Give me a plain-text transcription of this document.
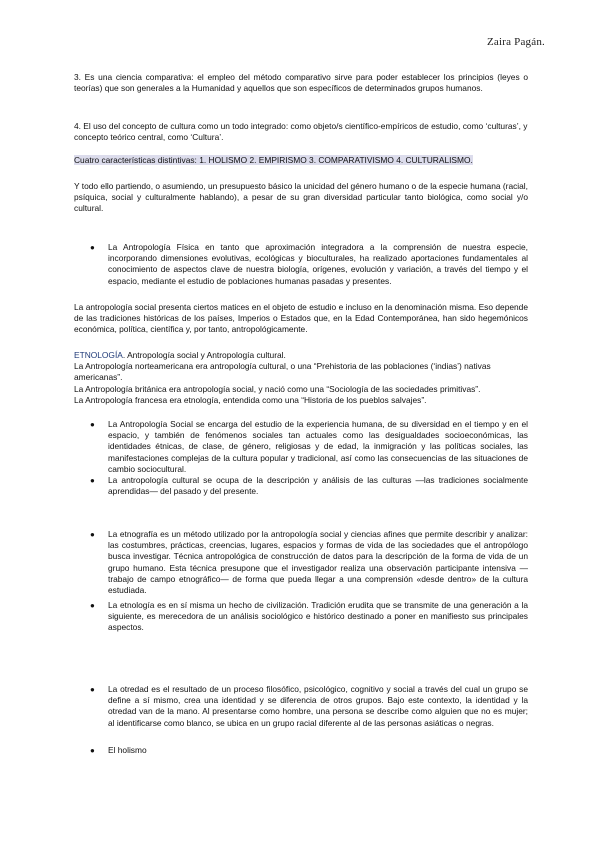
Zaira Pagán.
3. Es una ciencia comparativa: el empleo del método comparativo sirve para poder establecer los principios (leyes o teorías) que son generales a la Humanidad y aquellos que son específicos de determinados grupos humanos.
4. El uso del concepto de cultura como un todo integrado: como objeto/s científico-empíricos de estudio, como ‘culturas’, y concepto teórico central, como ‘Cultura’.
Cuatro características distintivas: 1. HOLISMO 2. EMPIRISMO 3. COMPARATIVISMO 4. CULTURALISMO.
Y todo ello partiendo, o asumiendo, un presupuesto básico la unicidad del género humano o de la especie humana (racial, psíquica, social y culturalmente hablando), a pesar de su gran diversidad particular tanto biológica, como social y/o cultural.
●	La Antropología Física en tanto que aproximación integradora a la comprensión de nuestra especie, incorporando dimensiones evolutivas, ecológicas y bioculturales, ha realizado aportaciones fundamentales al conocimiento de aspectos clave de nuestra biología, orígenes, evolución y variación, a través del tiempo y el espacio, mediante el estudio de poblaciones humanas pasadas y presentes.
La antropología social presenta ciertos matices en el objeto de estudio e incluso en la denominación misma. Eso depende de las tradiciones históricas de los países, Imperios o Estados que, en la Edad Contemporánea, han sido hegemónicos económica, política, científica y, por tanto, antropológicamente.
ETNOLOGÍA. Antropología social y Antropología cultural.
La Antropología norteamericana era antropología cultural, o una “Prehistoria de las poblaciones (‘indias’) nativas americanas”.
La Antropología británica era antropología social, y nació como una “Sociología de las sociedades primitivas”.
La Antropología francesa era etnología, entendida como una “Historia de los pueblos salvajes”.
●	La Antropología Social se encarga del estudio de la experiencia humana, de su diversidad en el tiempo y en el espacio, y también de fenómenos sociales tan actuales como las desigualdades socioeconómicas, las identidades étnicas, de clase, de género, religiosas y de edad, la inmigración y las políticas sociales, las manifestaciones complejas de la cultura popular y tradicional, así como las consecuencias de las situaciones de cambio sociocultural.
●	La antropología cultural se ocupa de la descripción y análisis de las culturas —las tradiciones socialmente aprendidas— del pasado y del presente.
●	La etnografía es un método utilizado por la antropología social y ciencias afines que permite describir y analizar: las costumbres, prácticas, creencias, lugares, espacios y formas de vida de las sociedades que el antropólogo busca investigar. Técnica antropológica de construcción de datos para la descripción de la forma de vida de un grupo humano. Esta técnica presupone que el investigador realiza una observación participante intensiva — trabajo de campo etnográfico— de forma que pueda llegar a una comprensión «desde dentro» de la cultura estudiada.
●	La etnología es en sí misma un hecho de civilización. Tradición erudita que se transmite de una generación a la siguiente, es merecedora de un análisis sociológico e histórico destinado a poner en manifiesto sus principales aspectos.
●	La otredad es el resultado de un proceso filosófico, psicológico, cognitivo y social a través del cual un grupo se define a sí mismo, crea una identidad y se diferencia de otros grupos. Bajo este contexto, la identidad y la otredad van de la mano. Al presentarse como hombre, una persona se describe como alguien que no es mujer; al identificarse como blanco, se ubica en un grupo racial diferente al de las personas asiáticas o negras.
●	El holismo
